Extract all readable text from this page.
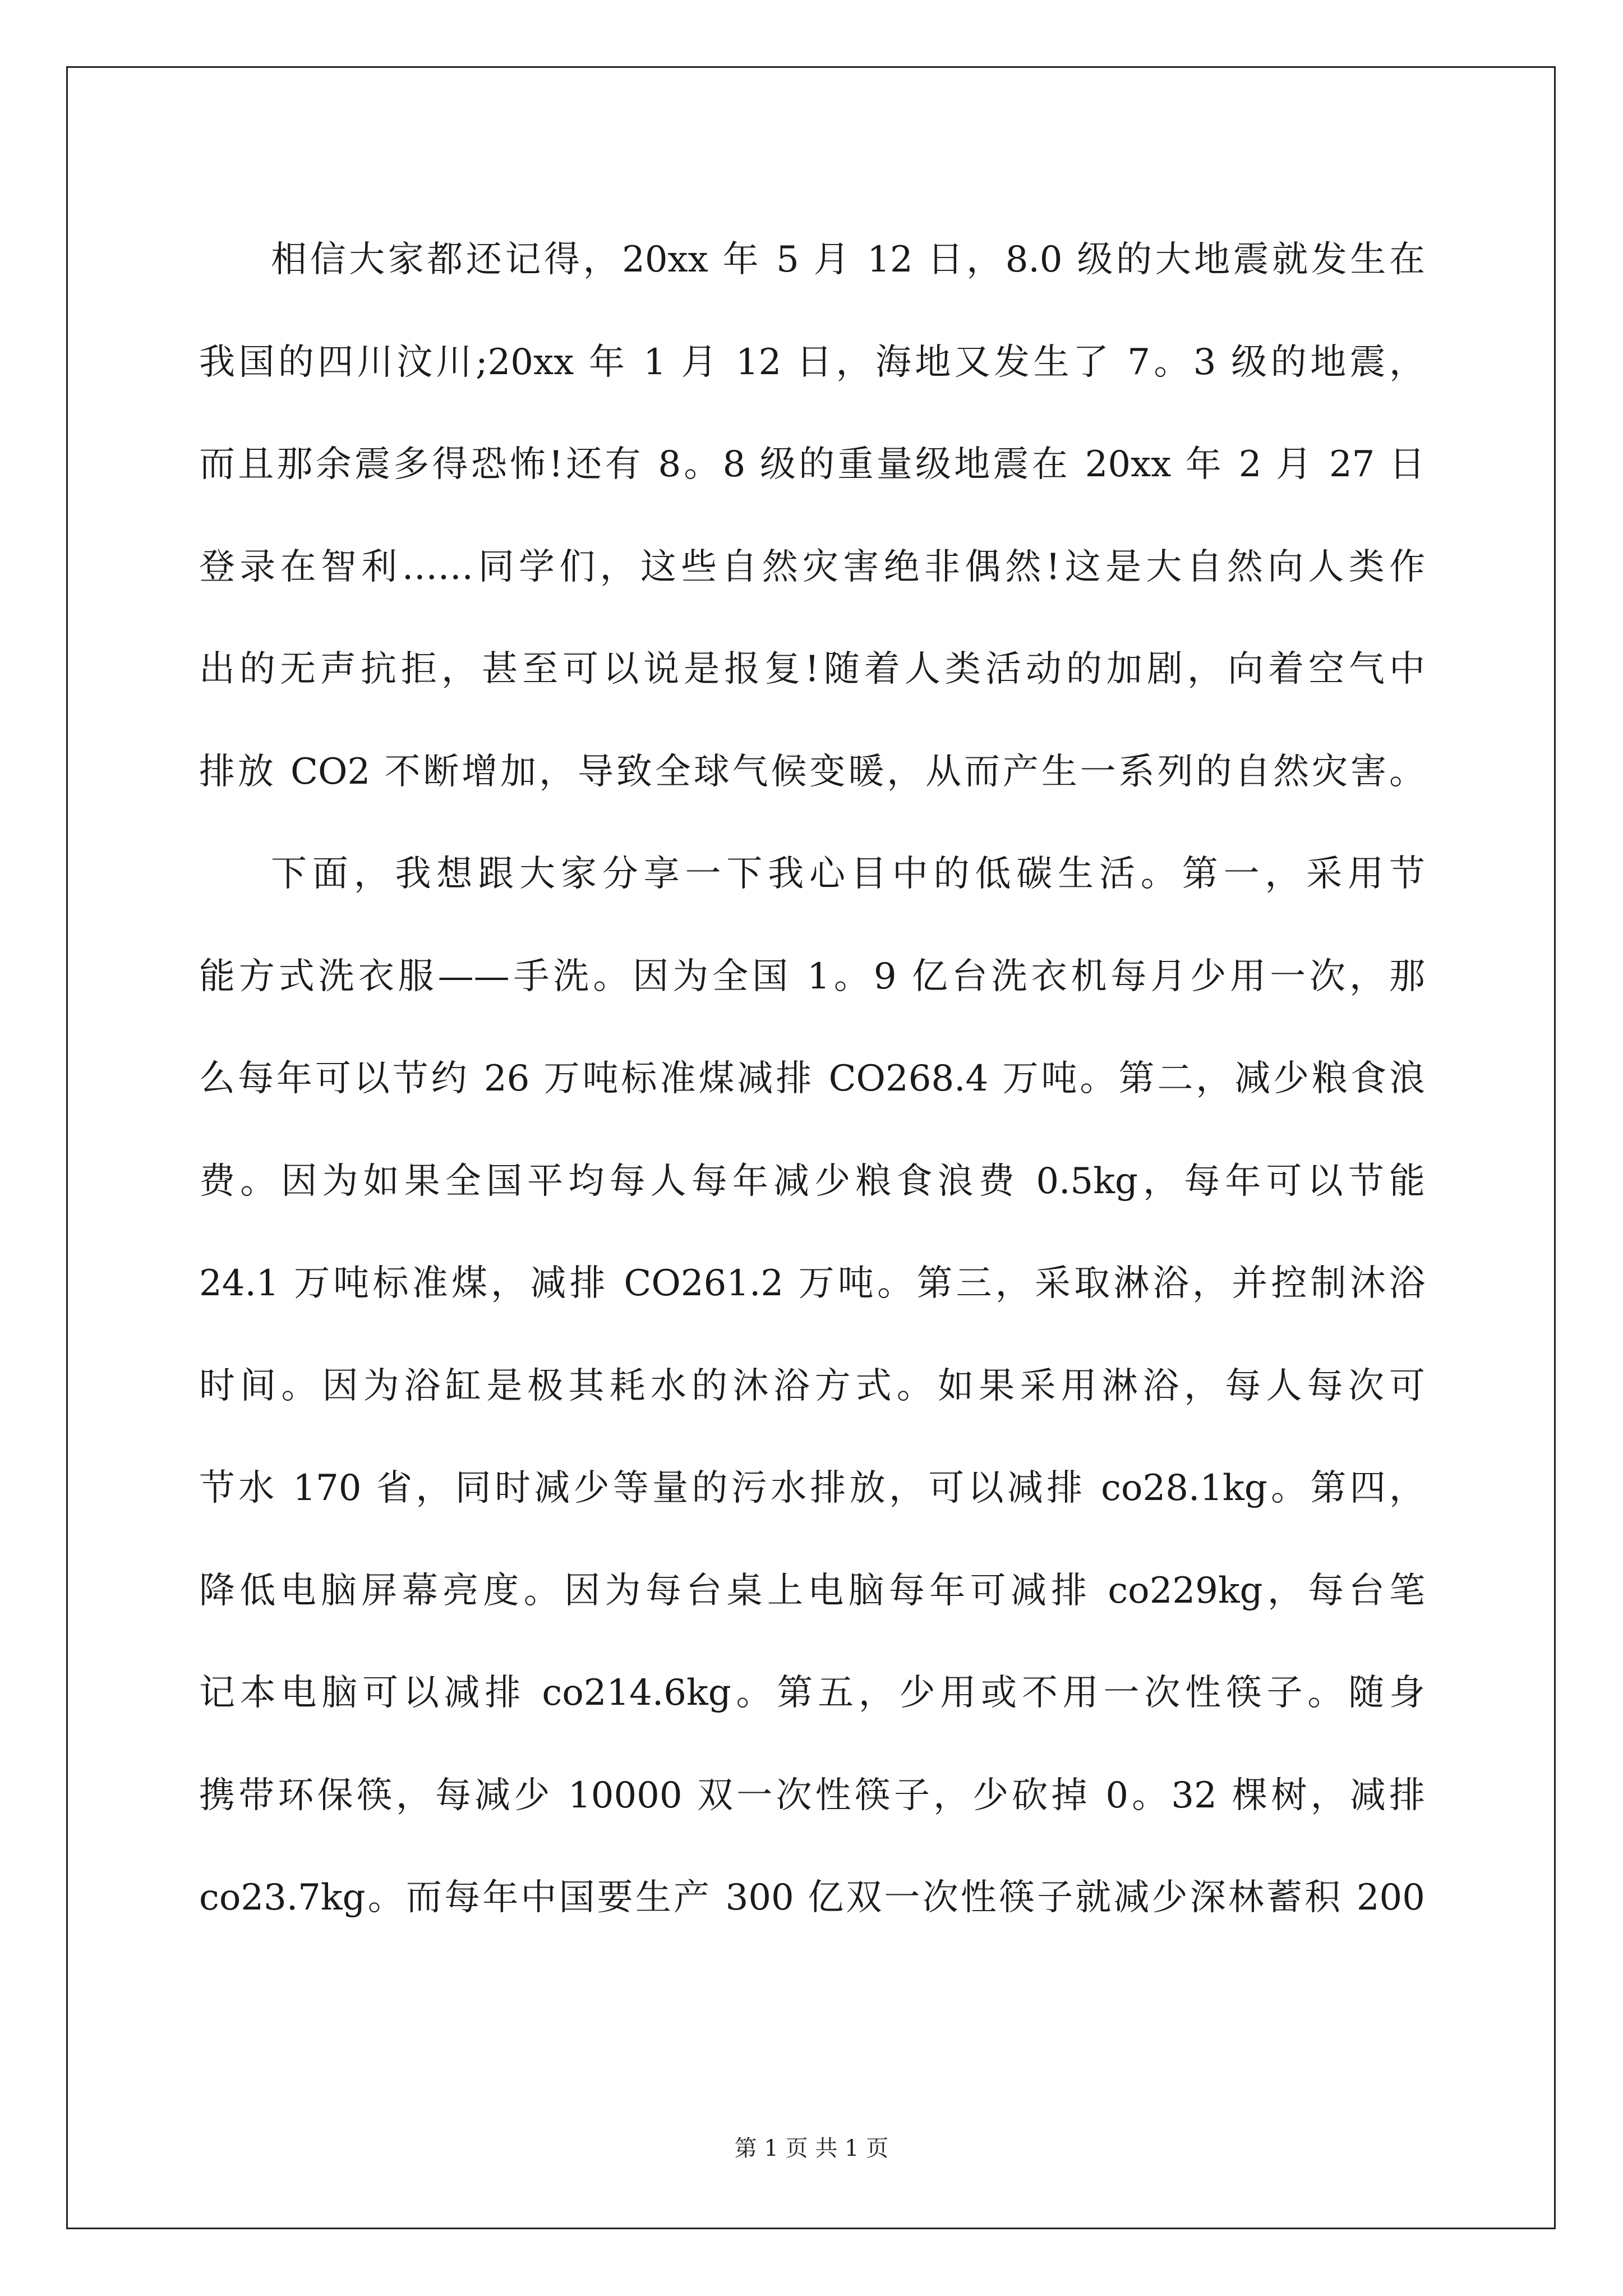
相信大家都还记得，20xx 年 5 月 12 日，8.0 级的大地震就发生在
我国的四川汶川;20xx 年 1 月 12 日，海地又发生了 7。3 级的地震，
而且那余震多得恐怖!还有 8。8 级的重量级地震在 20xx 年 2 月 27 日
登录在智利……同学们，这些自然灾害绝非偶然!这是大自然向人类作
出的无声抗拒，甚至可以说是报复!随着人类活动的加剧，向着空气中
排放 CO2 不断增加，导致全球气候变暖，从而产生一系列的自然灾害。
下面，我想跟大家分享一下我心目中的低碳生活。第一，采用节
能方式洗衣服——手洗。因为全国 1。9 亿台洗衣机每月少用一次，那
么每年可以节约 26 万吨标准煤减排 CO268.4 万吨。第二，减少粮食浪
费。因为如果全国平均每人每年减少粮食浪费 0.5kg，每年可以节能
24.1 万吨标准煤，减排 CO261.2 万吨。第三，采取淋浴，并控制沐浴
时间。因为浴缸是极其耗水的沐浴方式。如果采用淋浴，每人每次可
节水 170 省，同时减少等量的污水排放，可以减排 co28.1kg。第四，
降低电脑屏幕亮度。因为每台桌上电脑每年可减排 co229kg，每台笔
记本电脑可以减排 co214.6kg。第五，少用或不用一次性筷子。随身
携带环保筷，每减少 10000 双一次性筷子，少砍掉 0。32 棵树，减排
co23.7kg。而每年中国要生产 300 亿双一次性筷子就减少深林蓄积 200
第 1 页 共 1 页
